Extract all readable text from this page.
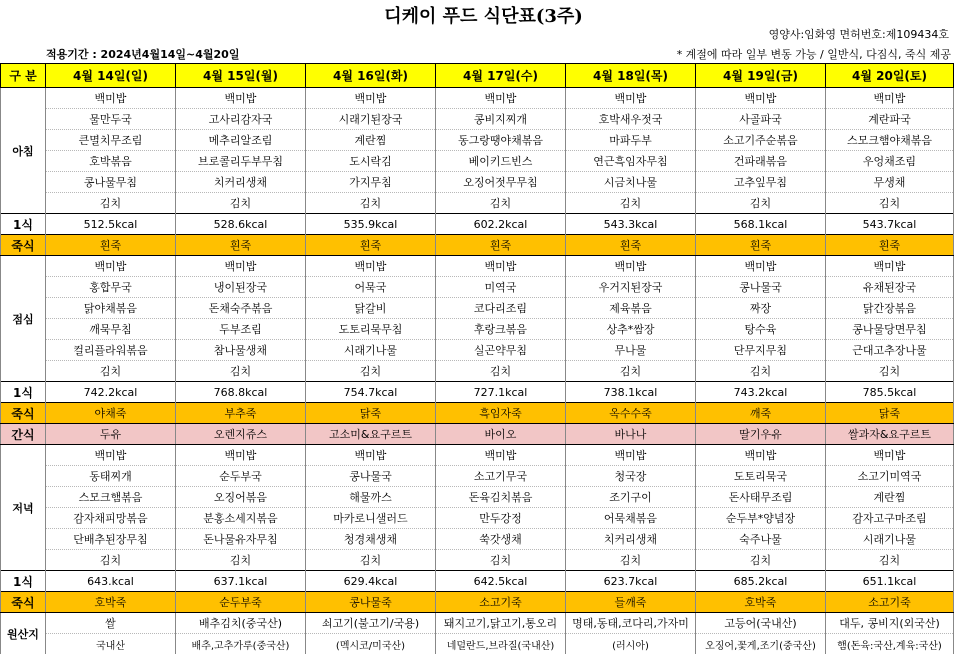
디케이 푸드 식단표(3주)
영양사:임화영 면허번호:제109434호
적용기간 : 2024년4월14일~4월20일	* 계절에 따라 일부 변동 가능 / 일반식, 다짐식, 죽식 제공
구 분	4월 14일(일)	4월 15일(월)	4월 16일(화)	4월 17일(수)	4월 18일(목)	4월 19일(금)	4월 20일(토)
아침	백미밥	백미밥	백미밥	백미밥	백미밥	백미밥	백미밥
	물만두국	고사리감자국	시래기된장국	콩비지찌개	호박새우젓국	사골파국	계란파국
	큰멸치무조림	메추리알조림	계란찜	동그랑땡야채볶음	마파두부	소고기주순볶음	스모크햄야채볶음
	호박볶음	브로콜리두부무침	도시락김	베이키드빈스	연근흑임자무침	건파래볶음	우엉채조림
	콩나물무침	치커리생채	가지무침	오징어젓무무침	시금치나물	고추잎무침	무생채
	김치	김치	김치	김치	김치	김치	김치
1식	512.5kcal	528.6kcal	535.9kcal	602.2kcal	543.3kcal	568.1kcal	543.7kcal
죽식	흰죽	흰죽	흰죽	흰죽	흰죽	흰죽	흰죽
점심	백미밥	백미밥	백미밥	백미밥	백미밥	백미밥	백미밥
	홍합무국	냉이된장국	어묵국	미역국	우거지된장국	콩나물국	유채된장국
	닭야채볶음	돈채숙주볶음	닭갈비	코다리조림	제육볶음	짜장	닭간장볶음
	깨묵무침	두부조림	도토리묵무침	후랑크볶음	상추*쌈장	탕수육	콩나물당면무침
	컬리플라워볶음	참나물생채	시래기나물	실곤약무침	무나물	단무지무침	근대고추장나물
	김치	김치	김치	김치	김치	김치	김치
1식	742.2kcal	768.8kcal	754.7kcal	727.1kcal	738.1kcal	743.2kcal	785.5kcal
죽식	야채죽	부추죽	닭죽	흑임자죽	옥수수죽	깨죽	닭죽
간식	두유	오렌지쥬스	고소미&요구르트	바이오	바나나	딸기우유	쌀과자&요구르트
저녁	백미밥	백미밥	백미밥	백미밥	백미밥	백미밥	백미밥
	동태찌개	순두부국	콩나물국	소고기무국	청국장	도토리묵국	소고기미역국
	스모크햄볶음	오징어볶음	해물까스	돈육김치볶음	조기구이	돈사태무조림	계란찜
	감자채피망볶음	분홍소세지볶음	마카로니샐러드	만두강정	어묵채볶음	순두부*양념장	감자고구마조림
	단배추된장무침	돈나물유자무침	청경채생채	쑥갓생채	치커리생채	숙주나물	시래기나물
	김치	김치	김치	김치	김치	김치	김치
1식	643.kcal	637.1kcal	629.4kcal	642.5kcal	623.7kcal	685.2kcal	651.1kcal
죽식	호박죽	순두부죽	콩나물죽	소고기죽	들깨죽	호박죽	소고기죽
원산지	쌀	배추김치(중국산)	쇠고기(불고기/국용)	돼지고기,닭고기,통오리	명태,동태,코다리,가자미	고등어(국내산)	대두, 콩비지(외국산)
	국내산	배추,고추가루(중국산)	(멕시코/미국산)	네덜란드,브라질(국내산)	(러시아)	오징어,꽃게,조기(중국산)	햄(돈육:국산,계육:국산)
